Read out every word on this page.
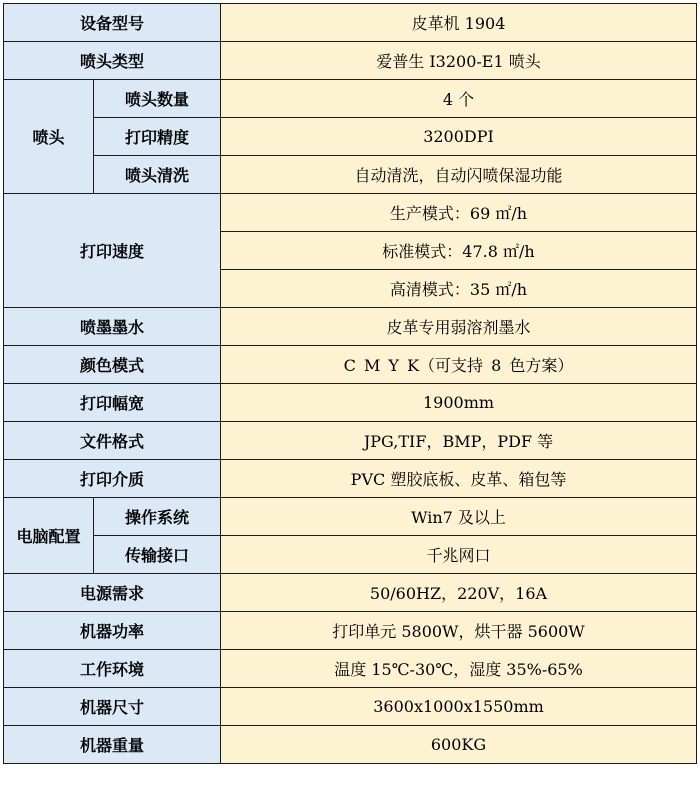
设备型号		皮革机 1904
喷头类型		爱普生 I3200-E1 喷头
喷头	喷头数量	4 个
	打印精度	3200DPI
	喷头清洗	自动清洗，自动闪喷保湿功能
打印速度		生产模式：69 ㎡/h
		标准模式：47.8 ㎡/h
		高清模式：35 ㎡/h
喷墨墨水		皮革专用弱溶剂墨水
颜色模式		C M Y K（可支持 8 色方案）
打印幅宽		1900mm
文件格式		JPG,TIF，BMP，PDF 等
打印介质		PVC 塑胶底板、皮革、箱包等
电脑配置	操作系统	Win7 及以上
	传输接口	千兆网口
电源需求		50/60HZ，220V，16A
机器功率		打印单元 5800W，烘干器 5600W
工作环境		温度 15℃-30℃，湿度 35%-65%
机器尺寸		3600x1000x1550mm
机器重量		600KG
